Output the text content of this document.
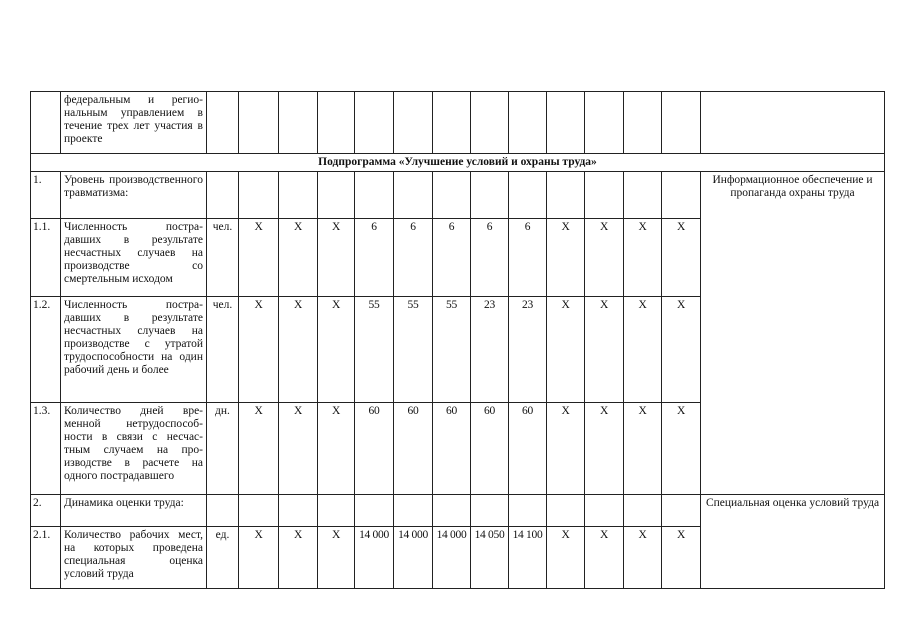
	федеральным и регио-нальным управлением в течение трех лет участия в проекте														
Подпрограмма «Улучшение условий и охраны труда»															
1.	Уровень производственного травматизма:														Информационное обеспечение и пропаганда охраны труда
1.1.	Численность постра-давших в результате несчастных случаев на производстве со смертельным исходом	чел.	Х	Х	Х	6	6	6	6	6	Х	Х	Х	Х	
1.2.	Численность постра-давших в результате несчастных случаев на производстве с утратой трудоспособности на один рабочий день и более	чел.	Х	Х	Х	55	55	55	23	23	Х	Х	Х	Х	
1.3.	Количество дней вре-менной нетрудоспособ-ности в связи с несчас-тным случаем на про-изводстве в расчете на одного пострадавшего	дн.	Х	Х	Х	60	60	60	60	60	Х	Х	Х	Х	
2.	Динамика оценки труда:														Специальная оценка условий труда
2.1.	Количество рабочих мест, на которых проведена специальная оценка условий труда	ед.	Х	Х	Х	14 000	14 000	14 000	14 050	14 100	Х	Х	Х	Х	
